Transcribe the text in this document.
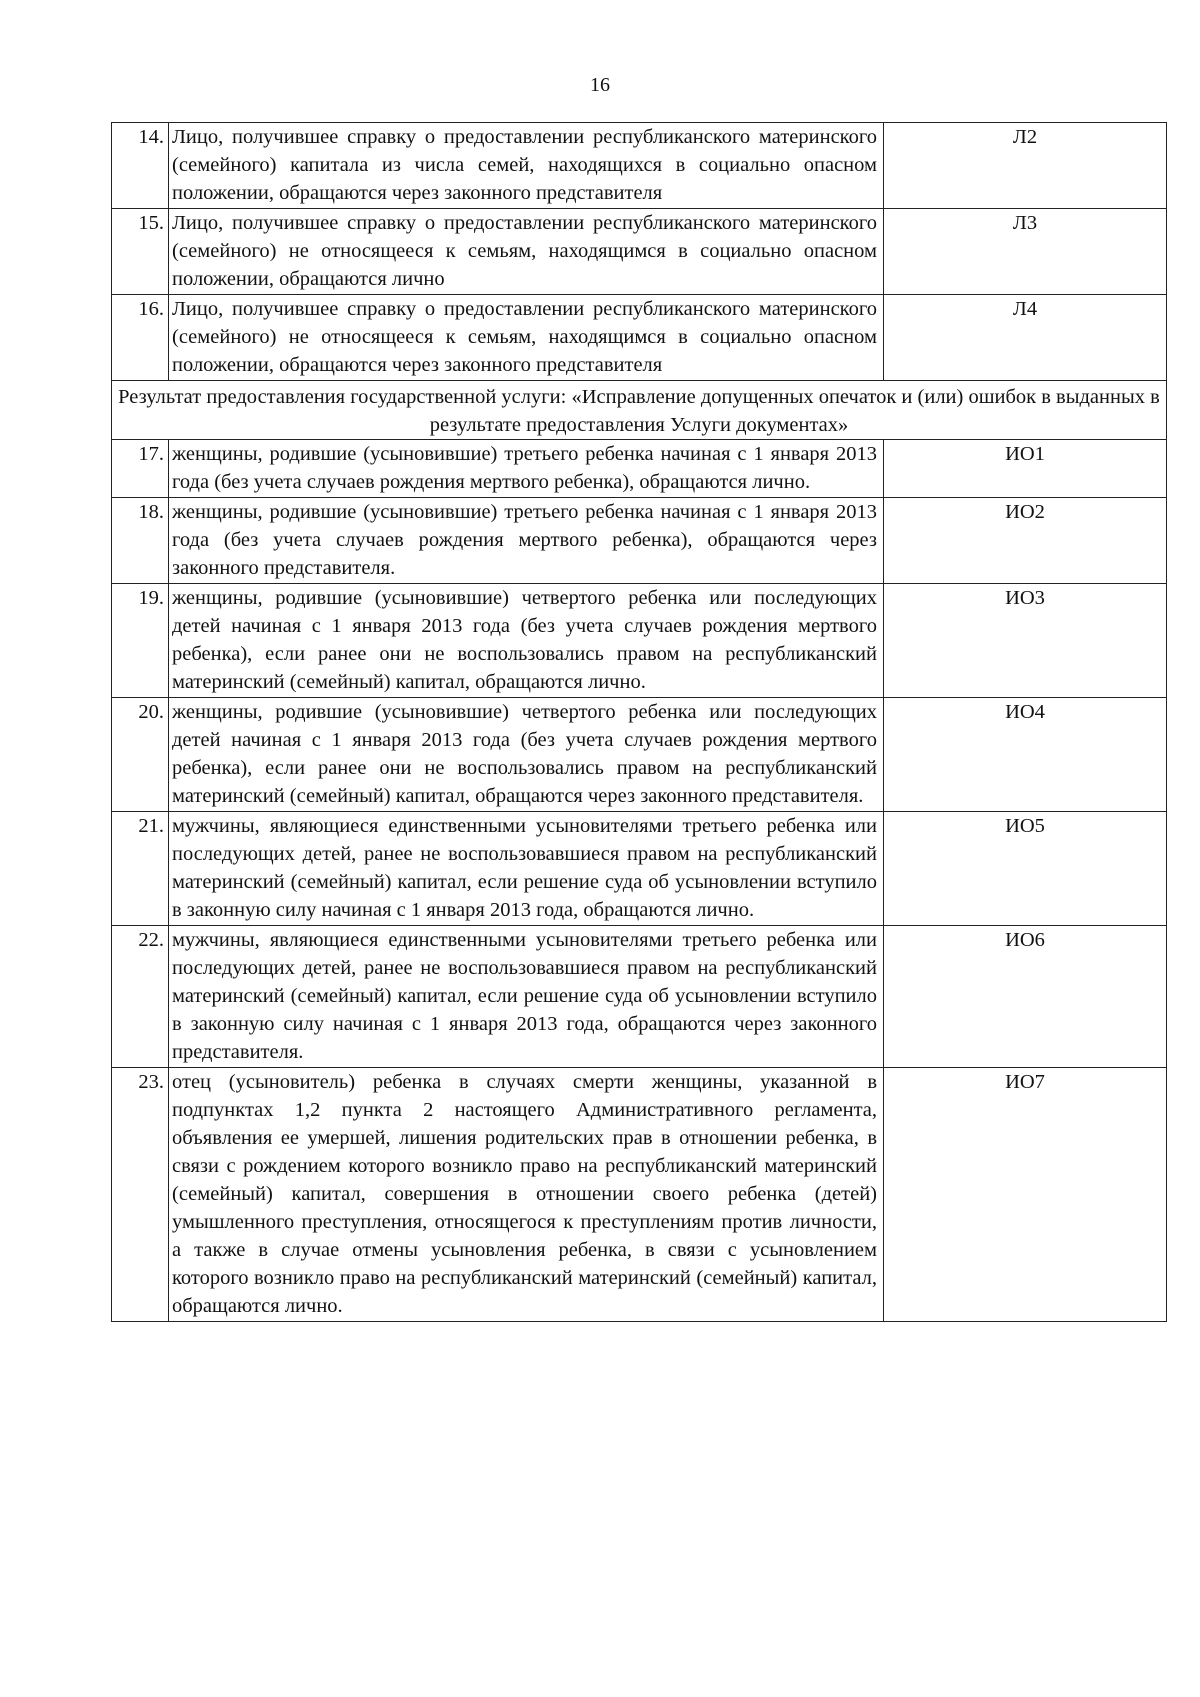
16
14.	Лицо, получившее справку о предоставлении республиканского материнского (семейного) капитала из числа семей, находящихся в социально опасном положении, обращаются через законного представителя	Л2
15.	Лицо, получившее справку о предоставлении республиканского материнского (семейного) не относящееся к семьям, находящимся в социально опасном положении, обращаются лично	Л3
16.	Лицо, получившее справку о предоставлении республиканского материнского (семейного) не относящееся к семьям, находящимся в социально опасном положении, обращаются через законного представителя	Л4
Результат предоставления государственной услуги: «Исправление допущенных опечаток и (или) ошибок в выданных в результате предоставления Услуги документах»		
17.	женщины, родившие (усыновившие) третьего ребенка начиная с 1 января 2013 года (без учета случаев рождения мертвого ребенка), обращаются лично.	ИО1
18.	женщины, родившие (усыновившие) третьего ребенка начиная с 1 января 2013 года (без учета случаев рождения мертвого ребенка), обращаются через законного представителя.	ИО2
19.	женщины, родившие (усыновившие) четвертого ребенка или последующих детей начиная с 1 января 2013 года (без учета случаев рождения мертвого ребенка), если ранее они не воспользовались правом на республиканский материнский (семейный) капитал, обращаются лично.	ИО3
20.	женщины, родившие (усыновившие) четвертого ребенка или последующих детей начиная с 1 января 2013 года (без учета случаев рождения мертвого ребенка), если ранее они не воспользовались правом на республиканский материнский (семейный) капитал, обращаются через законного представителя.	ИО4
21.	мужчины, являющиеся единственными усыновителями третьего ребенка или последующих детей, ранее не воспользовавшиеся правом на республиканский материнский (семейный) капитал, если решение суда об усыновлении вступило в законную силу начиная с 1 января 2013 года, обращаются лично.	ИО5
22.	мужчины, являющиеся единственными усыновителями третьего ребенка или последующих детей, ранее не воспользовавшиеся правом на республиканский материнский (семейный) капитал, если решение суда об усыновлении вступило в законную силу начиная с 1 января 2013 года, обращаются через законного представителя.	ИО6
23.	отец (усыновитель) ребенка в случаях смерти женщины, указанной в подпунктах 1,2 пункта 2 настоящего Административного регламента, объявления ее умершей, лишения родительских прав в отношении ребенка, в связи с рождением которого возникло право на республиканский материнский (семейный) капитал, совершения в отношении своего ребенка (детей) умышленного преступления, относящегося к преступлениям против личности, а также в случае отмены усыновления ребенка, в связи с усыновлением которого возникло право на республиканский материнский (семейный) капитал, обращаются лично.	ИО7
